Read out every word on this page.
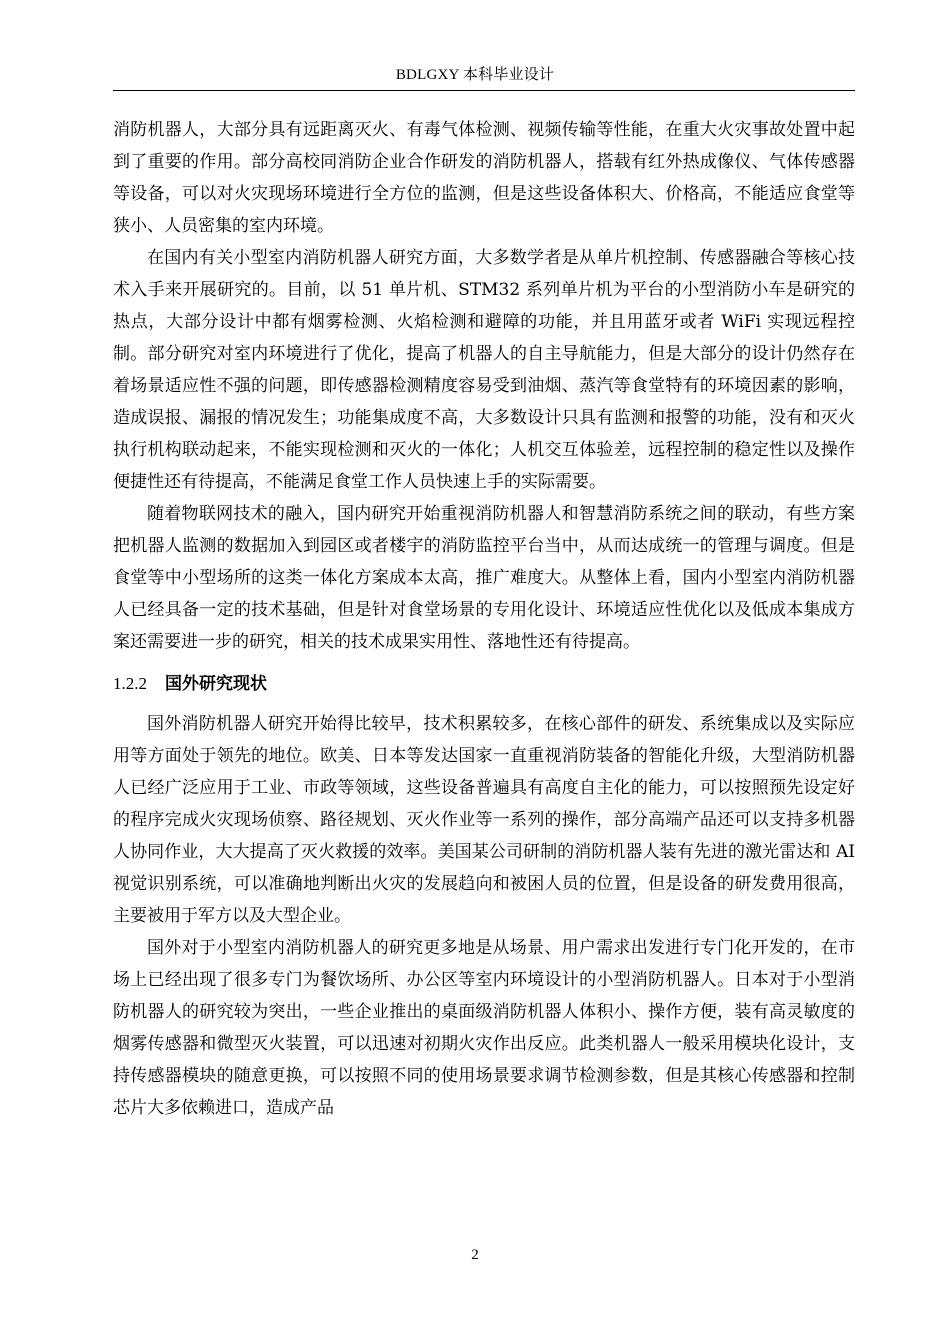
BDLGXY 本科毕业设计

消防机器人，大部分具有远距离灭火、有毒气体检测、视频传输等性能，在重大火灾事故处置中起到了重要的作用。部分高校同消防企业合作研发的消防机器人，搭载有红外热成像仪、气体传感器等设备，可以对火灾现场环境进行全方位的监测，但是这些设备体积大、价格高，不能适应食堂等狭小、人员密集的室内环境。

在国内有关小型室内消防机器人研究方面，大多数学者是从单片机控制、传感器融合等核心技术入手来开展研究的。目前，以 51 单片机、STM32 系列单片机为平台的小型消防小车是研究的热点，大部分设计中都有烟雾检测、火焰检测和避障的功能，并且用蓝牙或者 WiFi 实现远程控制。部分研究对室内环境进行了优化，提高了机器人的自主导航能力，但是大部分的设计仍然存在着场景适应性不强的问题，即传感器检测精度容易受到油烟、蒸汽等食堂特有的环境因素的影响，造成误报、漏报的情况发生；功能集成度不高，大多数设计只具有监测和报警的功能，没有和灭火执行机构联动起来，不能实现检测和灭火的一体化；人机交互体验差，远程控制的稳定性以及操作便捷性还有待提高，不能满足食堂工作人员快速上手的实际需要。

随着物联网技术的融入，国内研究开始重视消防机器人和智慧消防系统之间的联动，有些方案把机器人监测的数据加入到园区或者楼宇的消防监控平台当中，从而达成统一的管理与调度。但是食堂等中小型场所的这类一体化方案成本太高，推广难度大。从整体上看，国内小型室内消防机器人已经具备一定的技术基础，但是针对食堂场景的专用化设计、环境适应性优化以及低成本集成方案还需要进一步的研究，相关的技术成果实用性、落地性还有待提高。

1.2.2 国外研究现状

国外消防机器人研究开始得比较早，技术积累较多，在核心部件的研发、系统集成以及实际应用等方面处于领先的地位。欧美、日本等发达国家一直重视消防装备的智能化升级，大型消防机器人已经广泛应用于工业、市政等领域，这些设备普遍具有高度自主化的能力，可以按照预先设定好的程序完成火灾现场侦察、路径规划、灭火作业等一系列的操作，部分高端产品还可以支持多机器人协同作业，大大提高了灭火救援的效率。美国某公司研制的消防机器人装有先进的激光雷达和 AI 视觉识别系统，可以准确地判断出火灾的发展趋向和被困人员的位置，但是设备的研发费用很高，主要被用于军方以及大型企业。

国外对于小型室内消防机器人的研究更多地是从场景、用户需求出发进行专门化开发的，在市场上已经出现了很多专门为餐饮场所、办公区等室内环境设计的小型消防机器人。日本对于小型消防机器人的研究较为突出，一些企业推出的桌面级消防机器人体积小、操作方便，装有高灵敏度的烟雾传感器和微型灭火装置，可以迅速对初期火灾作出反应。此类机器人一般采用模块化设计，支持传感器模块的随意更换，可以按照不同的使用场景要求调节检测参数，但是其核心传感器和控制芯片大多依赖进口，造成产品

2
